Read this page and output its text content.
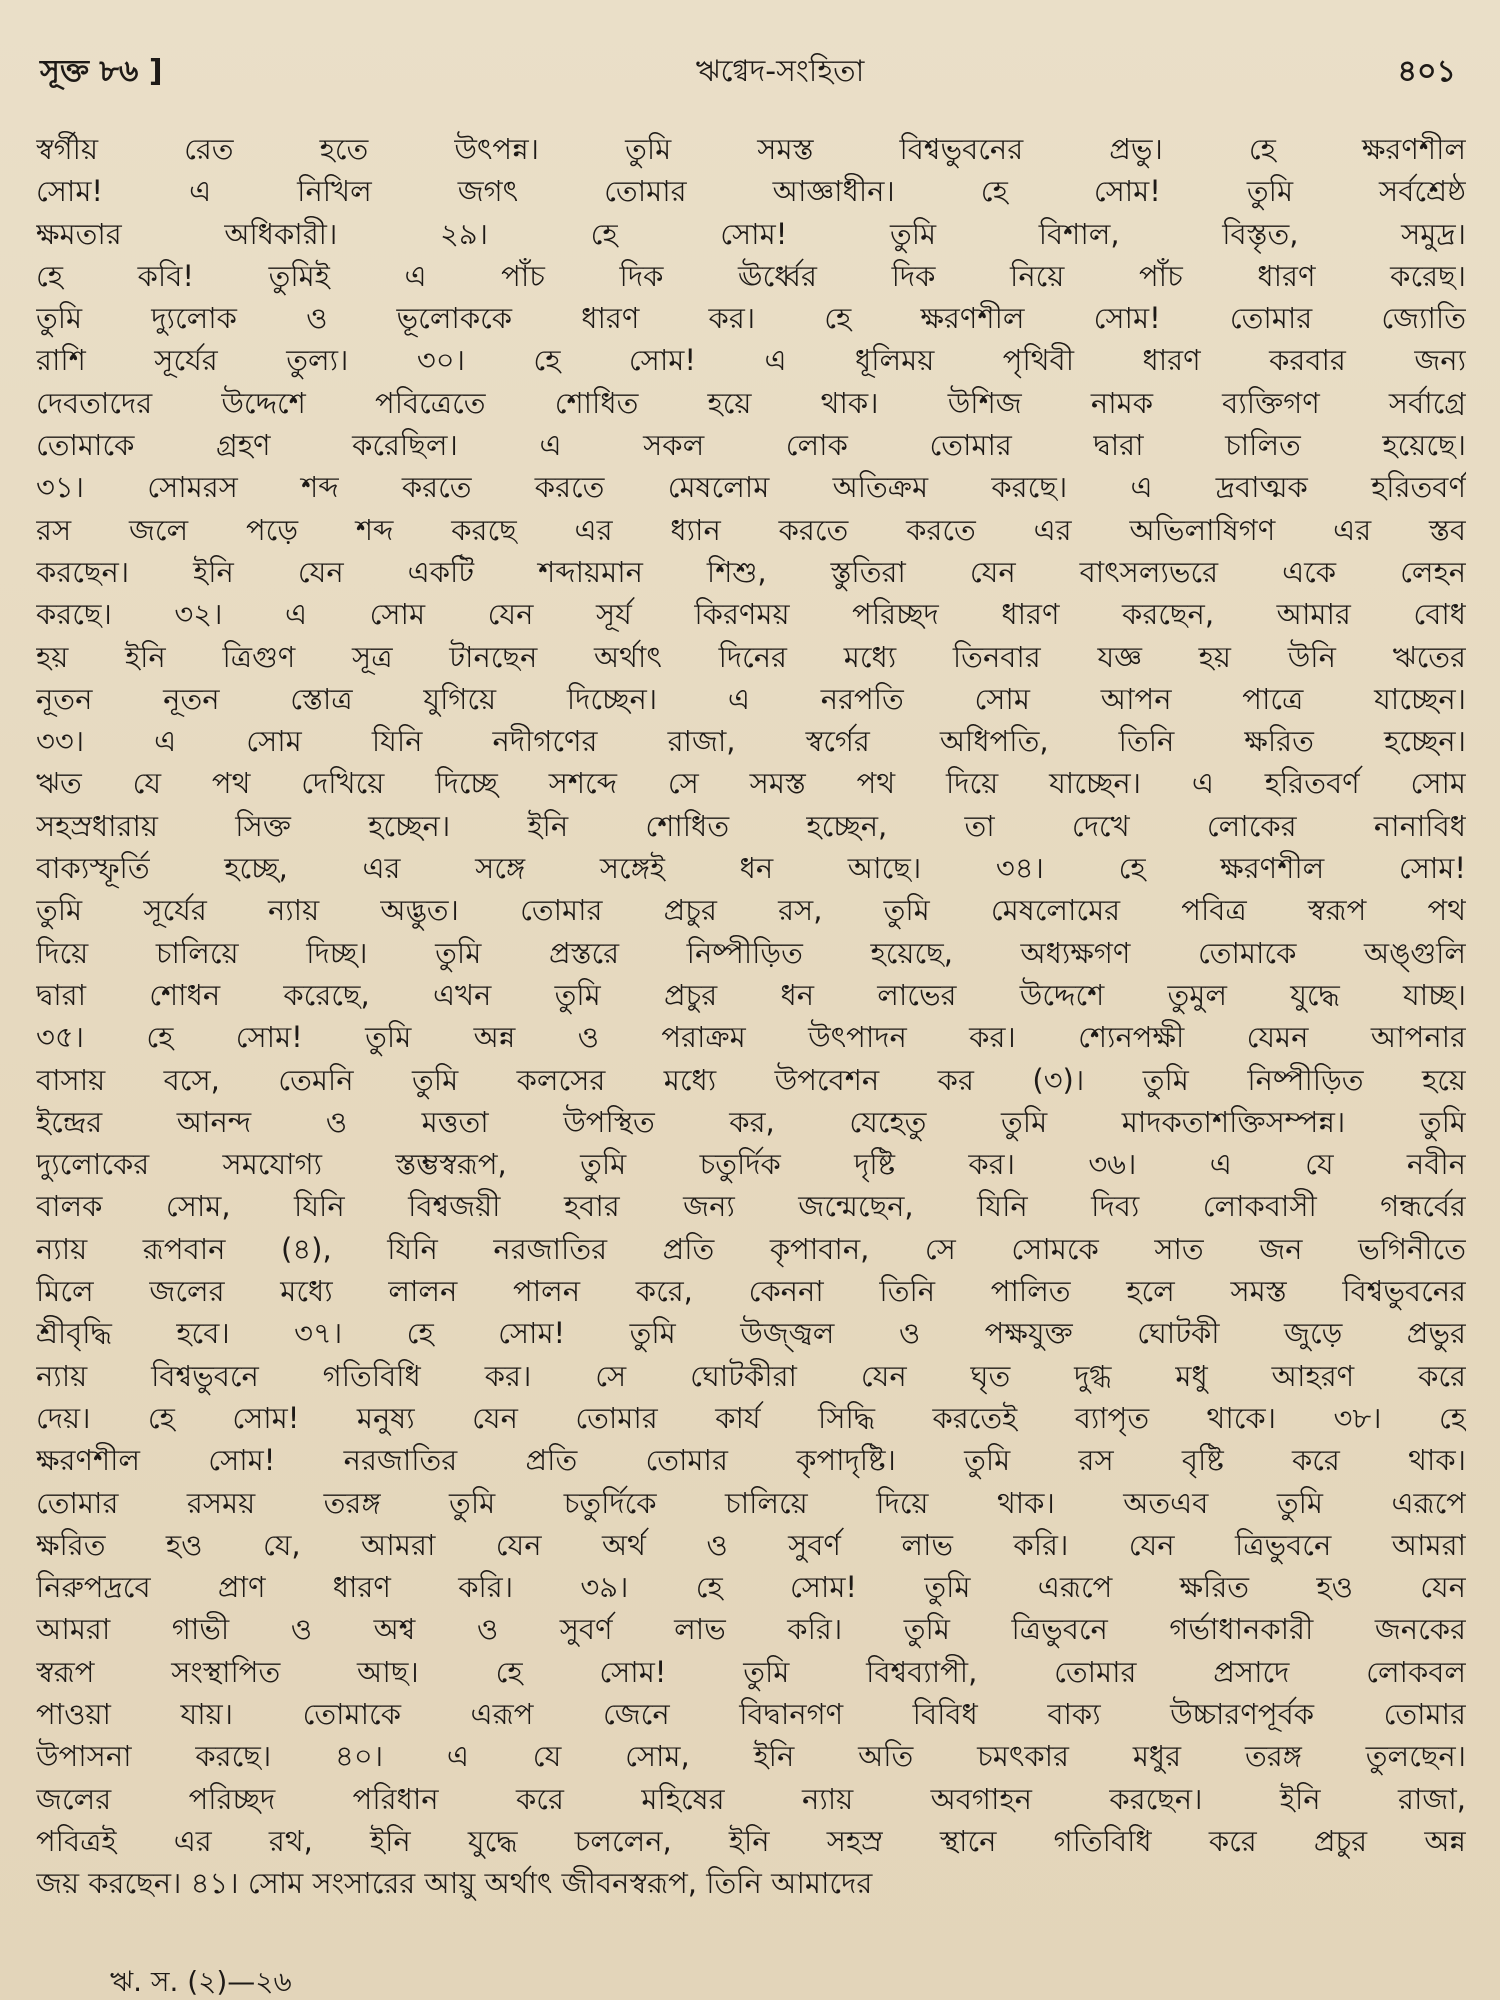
সূক্ত ৮৬ ]	ঋগ্বেদ-সংহিতা	৪০১
স্বর্গীয় রেত হতে উৎপন্ন। তুমি সমস্ত বিশ্বভুবনের প্রভু। হে ক্ষরণশীল
সোম! এ নিখিল জগৎ তোমার আজ্ঞাধীন। হে সোম! তুমি সর্বশ্রেষ্ঠ
ক্ষমতার অধিকারী। ২৯। হে সোম! তুমি বিশাল, বিস্তৃত, সমুদ্র।
হে কবি! তুমিই এ পাঁচ দিক ঊর্ধ্বের দিক নিয়ে পাঁচ ধারণ করেছ।
তুমি দ্যুলোক ও ভূলোককে ধারণ কর। হে ক্ষরণশীল সোম! তোমার জ্যোতি
রাশি সূর্যের তুল্য। ৩০। হে সোম! এ ধূলিময় পৃথিবী ধারণ করবার জন্য
দেবতাদের উদ্দেশে পবিত্রেতে শোধিত হয়ে থাক। উশিজ নামক ব্যক্তিগণ সর্বাগ্রে
তোমাকে গ্রহণ করেছিল। এ সকল লোক তোমার দ্বারা চালিত হয়েছে।
৩১। সোমরস শব্দ করতে করতে মেষলোম অতিক্রম করছে। এ দ্রবাত্মক হরিতবর্ণ
রস জলে পড়ে শব্দ করছে এর ধ্যান করতে করতে এর অভিলাষিগণ এর স্তব
করছেন। ইনি যেন একটি শব্দায়মান শিশু, স্তুতিরা যেন বাৎসল্যভরে একে লেহন
করছে। ৩২। এ সোম যেন সূর্য কিরণময় পরিচ্ছদ ধারণ করছেন, আমার বোধ
হয় ইনি ত্রিগুণ সূত্র টানছেন অর্থাৎ দিনের মধ্যে তিনবার যজ্ঞ হয় উনি ঋতের
নূতন নূতন স্তোত্র যুগিয়ে দিচ্ছেন। এ নরপতি সোম আপন পাত্রে যাচ্ছেন।
৩৩। এ সোম যিনি নদীগণের রাজা, স্বর্গের অধিপতি, তিনি ক্ষরিত হচ্ছেন।
ঋত যে পথ দেখিয়ে দিচ্ছে সশব্দে সে সমস্ত পথ দিয়ে যাচ্ছেন। এ হরিতবর্ণ সোম
সহস্রধারায় সিক্ত হচ্ছেন। ইনি শোধিত হচ্ছেন, তা দেখে লোকের নানাবিধ
বাক্যস্ফূর্তি হচ্ছে, এর সঙ্গে সঙ্গেই ধন আছে। ৩৪। হে ক্ষরণশীল সোম!
তুমি সূর্যের ন্যায় অদ্ভুত। তোমার প্রচুর রস, তুমি মেষলোমের পবিত্র স্বরূপ পথ
দিয়ে চালিয়ে দিচ্ছ। তুমি প্রস্তরে নিষ্পীড়িত হয়েছে, অধ্যক্ষগণ তোমাকে অঙ্গুলি
দ্বারা শোধন করেছে, এখন তুমি প্রচুর ধন লাভের উদ্দেশে তুমুল যুদ্ধে যাচ্ছ।
৩৫। হে সোম! তুমি অন্ন ও পরাক্রম উৎপাদন কর। শ্যেনপক্ষী যেমন আপনার
বাসায় বসে, তেমনি তুমি কলসের মধ্যে উপবেশন কর (৩)। তুমি নিষ্পীড়িত হয়ে
ইন্দ্রের আনন্দ ও মত্ততা উপস্থিত কর, যেহেতু তুমি মাদকতাশক্তিসম্পন্ন। তুমি
দ্যুলোকের সমযোগ্য স্তম্ভস্বরূপ, তুমি চতুর্দিক দৃষ্টি কর। ৩৬। এ যে নবীন
বালক সোম, যিনি বিশ্বজয়ী হবার জন্য জন্মেছেন, যিনি দিব্য লোকবাসী গন্ধর্বের
ন্যায় রূপবান (৪), যিনি নরজাতির প্রতি কৃপাবান, সে সোমকে সাত জন ভগিনীতে
মিলে জলের মধ্যে লালন পালন করে, কেননা তিনি পালিত হলে সমস্ত বিশ্বভুবনের
শ্রীবৃদ্ধি হবে। ৩৭। হে সোম! তুমি উজ্জ্বল ও পক্ষযুক্ত ঘোটকী জুড়ে প্রভুর
ন্যায় বিশ্বভুবনে গতিবিধি কর। সে ঘোটকীরা যেন ঘৃত দুগ্ধ মধু আহরণ করে
দেয়। হে সোম! মনুষ্য যেন তোমার কার্য সিদ্ধি করতেই ব্যাপৃত থাকে। ৩৮। হে
ক্ষরণশীল সোম! নরজাতির প্রতি তোমার কৃপাদৃষ্টি। তুমি রস বৃষ্টি করে থাক।
তোমার রসময় তরঙ্গ তুমি চতুর্দিকে চালিয়ে দিয়ে থাক। অতএব তুমি এরূপে
ক্ষরিত হও যে, আমরা যেন অর্থ ও সুবর্ণ লাভ করি। যেন ত্রিভুবনে আমরা
নিরুপদ্রবে প্রাণ ধারণ করি। ৩৯। হে সোম! তুমি এরূপে ক্ষরিত হও যেন
আমরা গাভী ও অশ্ব ও সুবর্ণ লাভ করি। তুমি ত্রিভুবনে গর্ভাধানকারী জনকের
স্বরূপ সংস্থাপিত আছ। হে সোম! তুমি বিশ্বব্যাপী, তোমার প্রসাদে লোকবল
পাওয়া যায়। তোমাকে এরূপ জেনে বিদ্বানগণ বিবিধ বাক্য উচ্চারণপূর্বক তোমার
উপাসনা করছে। ৪০। এ যে সোম, ইনি অতি চমৎকার মধুর তরঙ্গ তুলছেন।
জলের পরিচ্ছদ পরিধান করে মহিষের ন্যায় অবগাহন করছেন। ইনি রাজা,
পবিত্রই এর রথ, ইনি যুদ্ধে চললেন, ইনি সহস্র স্থানে গতিবিধি করে প্রচুর অন্ন
জয় করছেন। ৪১। সোম সংসারের আয়ু অর্থাৎ জীবনস্বরূপ, তিনি আমাদের
ঋ. স. (২)—২৬
